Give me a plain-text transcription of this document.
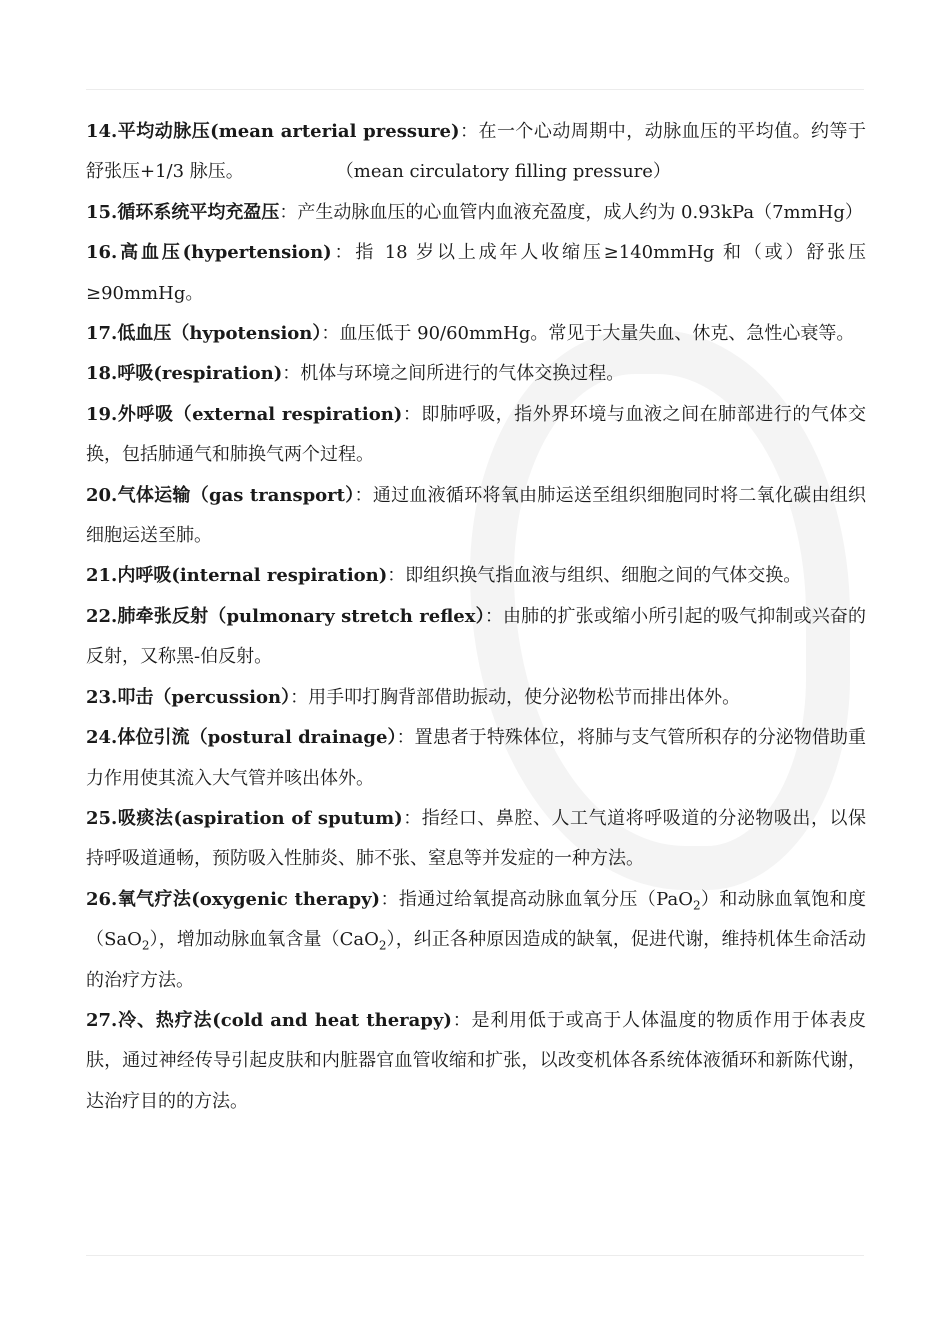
14.平均动脉压(mean arterial pressure)：在一个心动周期中，动脉血压的平均值。约等于舒张压+1/3 脉压。	（mean circulatory filling pressure）

15.循环系统平均充盈压：产生动脉血压的心血管内血液充盈度，成人约为 0.93kPa（7mmHg）

16.高血压(hypertension)：指 18 岁以上成年人收缩压≥140mmHg 和（或）舒张压≥90mmHg。

17.低血压（hypotension）：血压低于 90/60mmHg。常见于大量失血、休克、急性心衰等。

18.呼吸(respiration)：机体与环境之间所进行的气体交换过程。

19.外呼吸（external respiration)：即肺呼吸，指外界环境与血液之间在肺部进行的气体交换，包括肺通气和肺换气两个过程。

20.气体运输（gas transport）：通过血液循环将氧由肺运送至组织细胞同时将二氧化碳由组织细胞运送至肺。

21.内呼吸(internal respiration)：即组织换气指血液与组织、细胞之间的气体交换。

22.肺牵张反射（pulmonary stretch reflex）：由肺的扩张或缩小所引起的吸气抑制或兴奋的反射，又称黑-伯反射。

23.叩击（percussion）：用手叩打胸背部借助振动，使分泌物松节而排出体外。

24.体位引流（postural drainage）：置患者于特殊体位，将肺与支气管所积存的分泌物借助重力作用使其流入大气管并咳出体外。

25.吸痰法(aspiration of sputum)：指经口、鼻腔、人工气道将呼吸道的分泌物吸出，以保持呼吸道通畅，预防吸入性肺炎、肺不张、窒息等并发症的一种方法。

26.氧气疗法(oxygenic therapy)：指通过给氧提高动脉血氧分压（PaO$_2$）和动脉血氧饱和度（SaO$_2$），增加动脉血氧含量（CaO$_2$），纠正各种原因造成的缺氧，促进代谢，维持机体生命活动的治疗方法。

27.冷、热疗法(cold and heat therapy)：是利用低于或高于人体温度的物质作用于体表皮肤，通过神经传导引起皮肤和内脏器官血管收缩和扩张，以改变机体各系统体液循环和新陈代谢，达治疗目的的方法。
